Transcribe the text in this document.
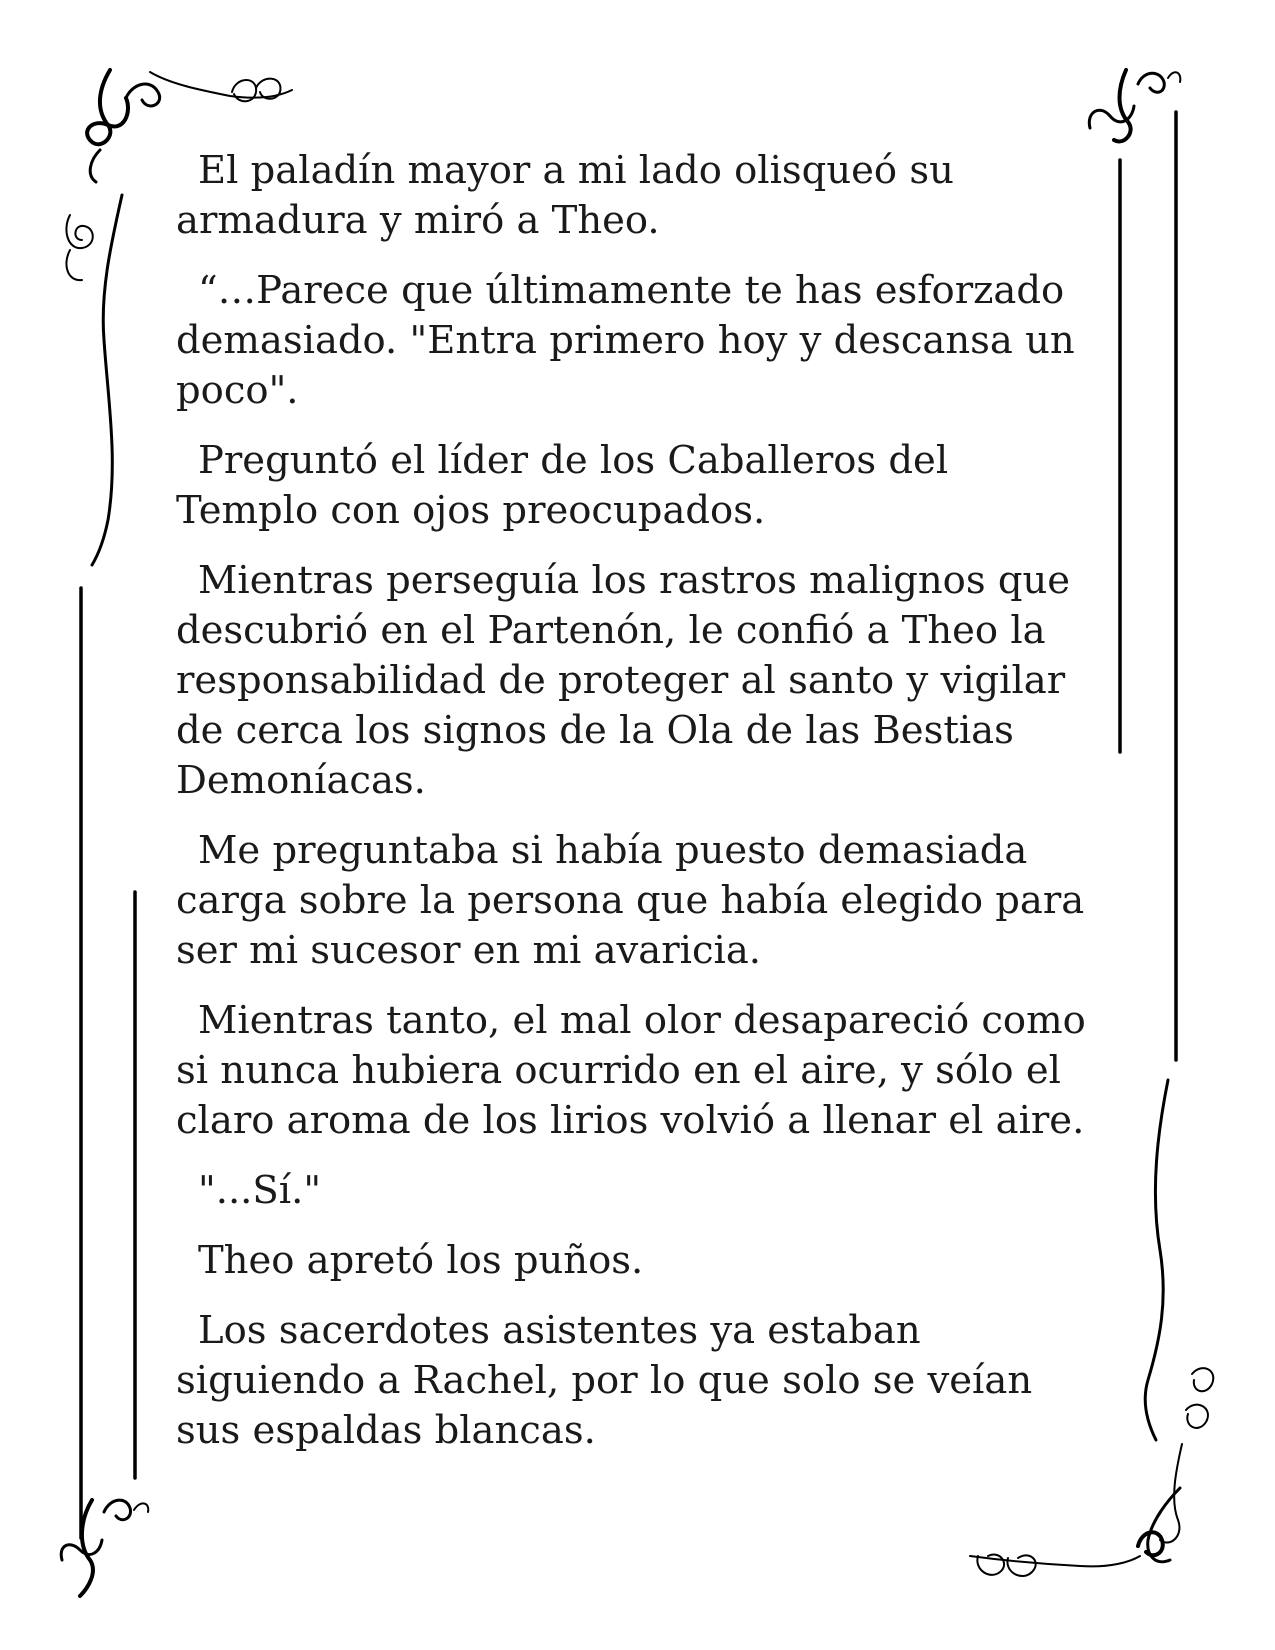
El paladín mayor a mi lado olisqueó su armadura y miró a Theo.

“…Parece que últimamente te has esforzado demasiado. "Entra primero hoy y descansa un poco".

Preguntó el líder de los Caballeros del Templo con ojos preocupados.

Mientras perseguía los rastros malignos que descubrió en el Partenón, le confió a Theo la responsabilidad de proteger al santo y vigilar de cerca los signos de la Ola de las Bestias Demoníacas.

Me preguntaba si había puesto demasiada carga sobre la persona que había elegido para ser mi sucesor en mi avaricia.

Mientras tanto, el mal olor desapareció como si nunca hubiera ocurrido en el aire, y sólo el claro aroma de los lirios volvió a llenar el aire.

"...Sí."

Theo apretó los puños.

Los sacerdotes asistentes ya estaban siguiendo a Rachel, por lo que solo se veían sus espaldas blancas.
